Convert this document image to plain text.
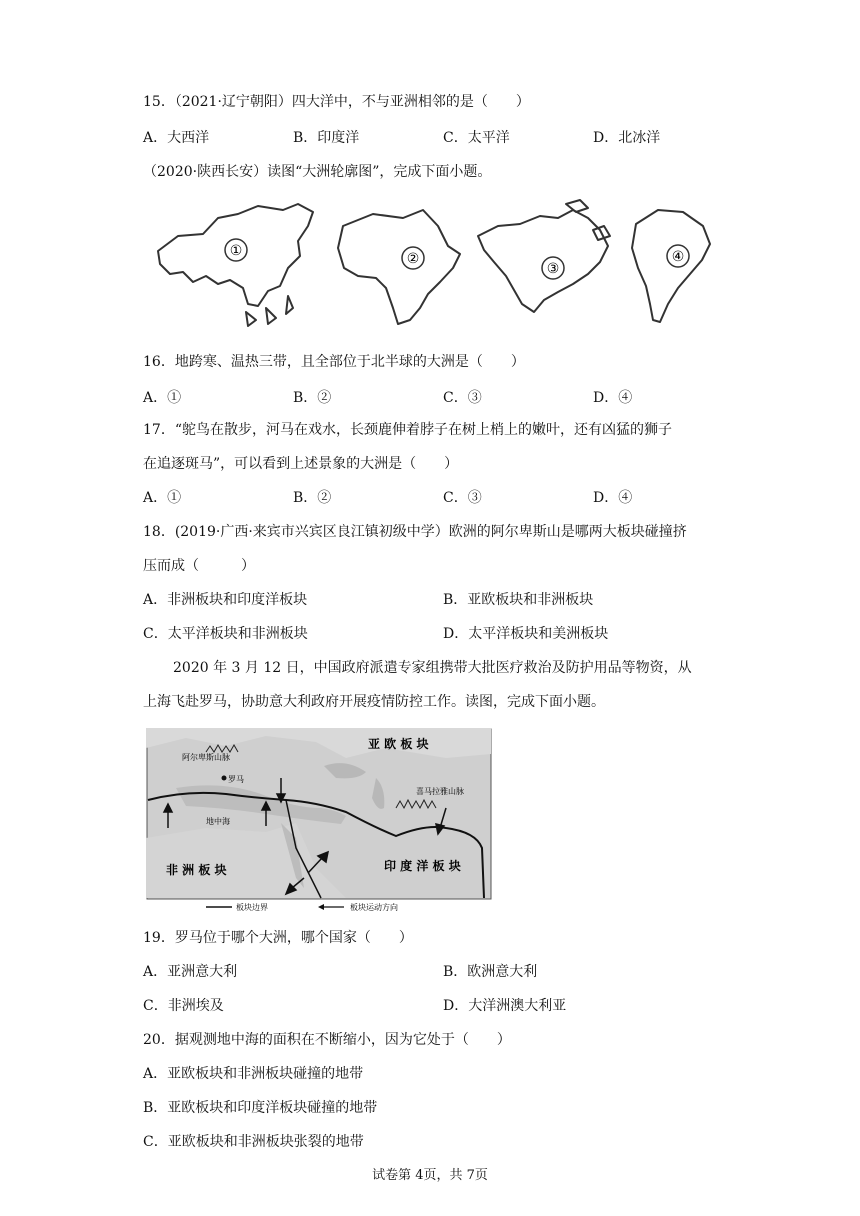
15．（2021·辽宁朝阳）四大洋中，不与亚洲相邻的是（　　）
A．大西洋	B．印度洋	C．太平洋	D．北冰洋
（2020·陕西长安）读图“大洲轮廓图”，完成下面小题。
①	②
③
④
16．地跨寒、温热三带，且全部位于北半球的大洲是（　　）
A．①	B．②	C．③	D．④
17．“鸵鸟在散步，河马在戏水，长颈鹿伸着脖子在树上梢上的嫩叶，还有凶猛的狮子
在追逐斑马”，可以看到上述景象的大洲是（　　）
A．①	B．②	C．③	D．④
18．(2019·广西·来宾市兴宾区良江镇初级中学）欧洲的阿尔卑斯山是哪两大板块碰撞挤
压而成（　　　）
A．非洲板块和印度洋板块	B．亚欧板块和非洲板块
C．太平洋板块和非洲板块	D．太平洋板块和美洲板块
2020 年 3 月 12 日，中国政府派遣专家组携带大批医疗救治及防护用品等物资，从
上海飞赴罗马，协助意大利政府开展疫情防控工作。读图，完成下面小题。
亚 欧 板 块
非 洲 板 块	印 度 洋 板 块
阿尔卑斯山脉
罗马
地中海
喜马拉雅山脉
板块边界	板块运动方向
19．罗马位于哪个大洲，哪个国家（　　）
A．亚洲意大利	B．欧洲意大利
C．非洲埃及	D．大洋洲澳大利亚
20．据观测地中海的面积在不断缩小，因为它处于（　　）
A．亚欧板块和非洲板块碰撞的地带
B．亚欧板块和印度洋板块碰撞的地带
C．亚欧板块和非洲板块张裂的地带
试卷第 4页，共 7页
